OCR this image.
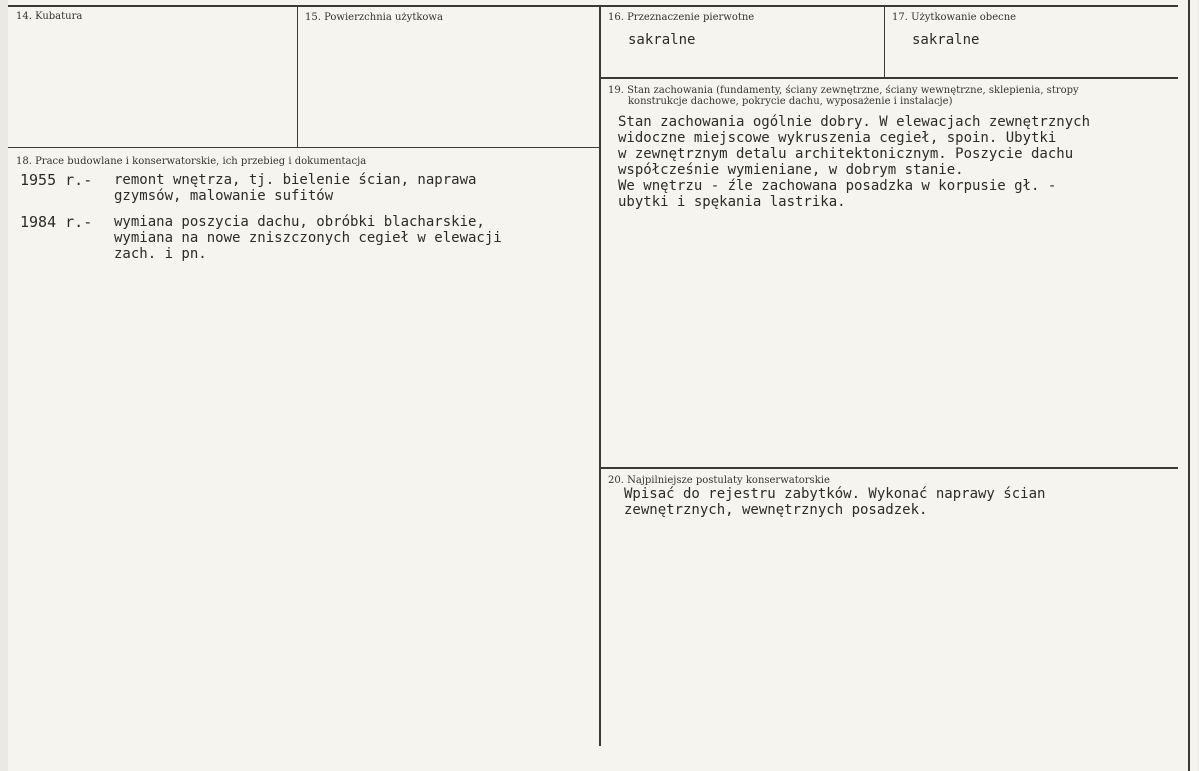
14. Kubatura	15. Powierzchnia użytkowa	16. Przeznaczenie pierwotne
sakralne
17. Użytkowanie obecne
sakralne
18. Prace budowlane i konserwatorskie, ich przebieg i dokumentacja
1955 r.- remont wnętrza, tj. bielenie ścian, naprawa
gzymsów, malowanie sufitów
1984 r.- wymiana poszycia dachu, obróbki blacharskie,
wymiana na nowe zniszczonych cegieł w elewacji
zach. i pn.
19. Stan zachowania (fundamenty, ściany zewnętrzne, ściany wewnętrzne, sklepienia, stropy
konstrukcje dachowe, pokrycie dachu, wyposażenie i instalacje)
Stan zachowania ogólnie dobry. W elewacjach zewnętrznych
widoczne miejscowe wykruszenia cegieł, spoin. Ubytki
w zewnętrznym detalu architektonicznym. Poszycie dachu
współcześnie wymieniane, w dobrym stanie.
We wnętrzu - źle zachowana posadzka w korpusie gł. -
ubytki i spękania lastrika.
20. Najpilniejsze postulaty konserwatorskie
Wpisać do rejestru zabytków. Wykonać naprawy ścian
zewnętrznych, wewnętrznych posadzek.
